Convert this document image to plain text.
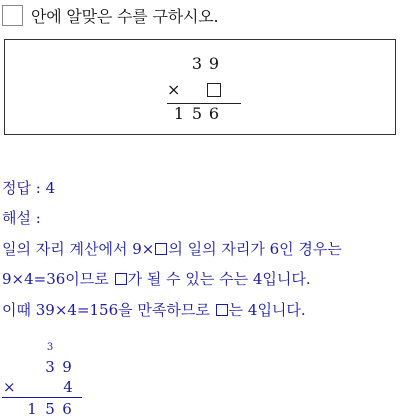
안에 알맞은 수를 구하시오.
3 9
×
1 5 6
정답 : 4
해설 :
일의 자리 계산에서 9× 의 일의 자리가 6인 경우는
9×4=36이므로 가 될 수 있는 수는 4입니다.
이때 39×4=156을 만족하므로 는 4입니다.
3
3 9
×	4
1 5 6
